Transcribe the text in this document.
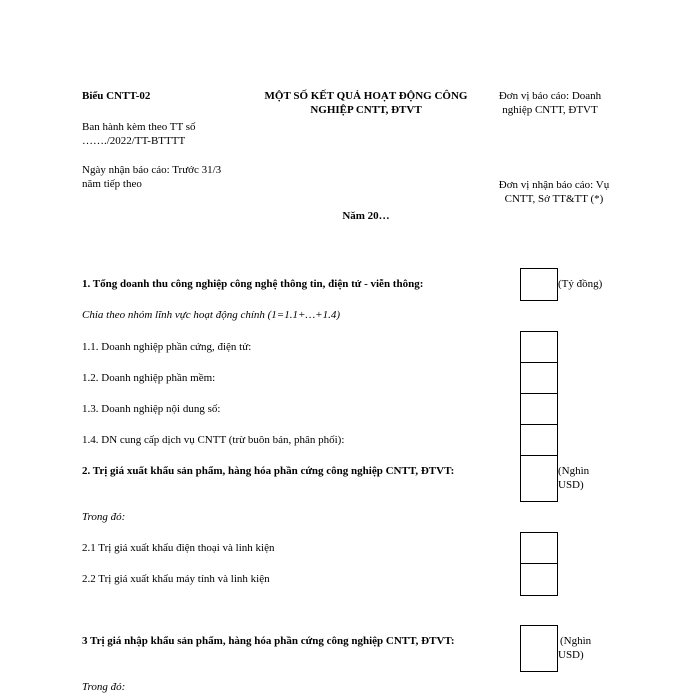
Biểu CNTT-02
Ban hành kèm theo TT số
……./2022/TT-BTTTT
Ngày nhận báo cáo: Trước 31/3
năm tiếp theo
MỘT SỐ KẾT QUẢ HOẠT ĐỘNG CÔNG
NGHIỆP CNTT, ĐTVT
Năm 20…
Đơn vị báo cáo: Doanh
nghiệp CNTT, ĐTVT
Đơn vị nhận báo cáo: Vụ
CNTT, Sở TT&TT (*)
1. Tổng doanh thu công nghiệp công nghệ thông tin, điện tử - viễn thông:	(Tỷ đồng)
Chia theo nhóm lĩnh vực hoạt động chính (1=1.1+…+1.4)
1.1. Doanh nghiệp phần cứng, điện tử:
1.2. Doanh nghiệp phần mềm:
1.3. Doanh nghiệp nội dung số:
1.4. DN cung cấp dịch vụ CNTT (trừ buôn bán, phân phối):
2. Trị giá xuất khẩu sản phẩm, hàng hóa phần cứng công nghiệp CNTT, ĐTVT:	(Nghìn
USD)
Trong đó:
2.1 Trị giá xuất khẩu điện thoại và linh kiện
2.2 Trị giá xuất khẩu máy tính và linh kiện
3 Trị giá nhập khẩu sản phẩm, hàng hóa phần cứng công nghiệp CNTT, ĐTVT:	(Nghìn
USD)
Trong đó:
